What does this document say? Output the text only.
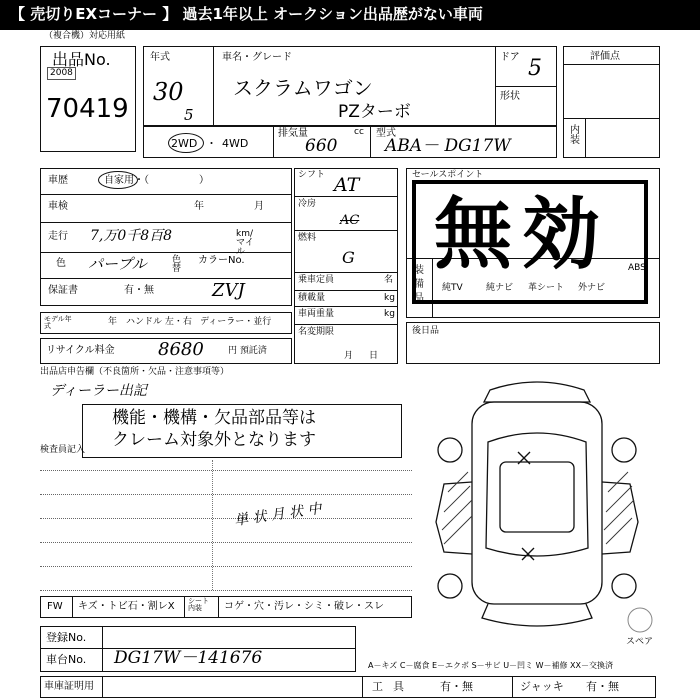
【 売切りEXコーナー 】 過去1年以上 オークション出品歴がない車両
（複合機）対応用紙
出品No.
2008
70419
年式
30
5
車名・グレード
スクラムワゴン
PZターボ
ドア 5
形状
評価点
内装
2WD ・ 4WD
排気量	cc
660
型式
ABA－ DG17W
車歴	自家用・（　　　　　）
車検	年	月
走行 7,万0千8百8	km/マイル
色 パープル	色替
カラーNo.
ZVJ
保証書	有・無
モデル年式	年 ハンドル 左・右 ディーラー・並行
リサイクル料金 8680	円 預託済
シフト AT
冷房
AC
燃料
G
乗車定員	名
積載量	kg
車両重量	kg
名変期限
月日
セールスポイント
装備品
純TV	純ナビ 革シート 外ナビ
ABS
無効
後日品
出品店申告欄（不良箇所・欠品・注意事項等）
ディーラー出記
機能・機構・欠品部品等は
クレーム対象外となります
検査員記入
単 状 月 状 中
スペア
FW キズ・トビ石・割レX シート内装	コゲ・穴・汚レ・シミ・破レ・スレ
登録No.
車台No. DG17W－141676	A－キズ C－腐食 E－エクボ S－サビ U－凹ミ W－補修 XX－交換済
車庫証明用	工具 有・無	ジャッキ 有・無
